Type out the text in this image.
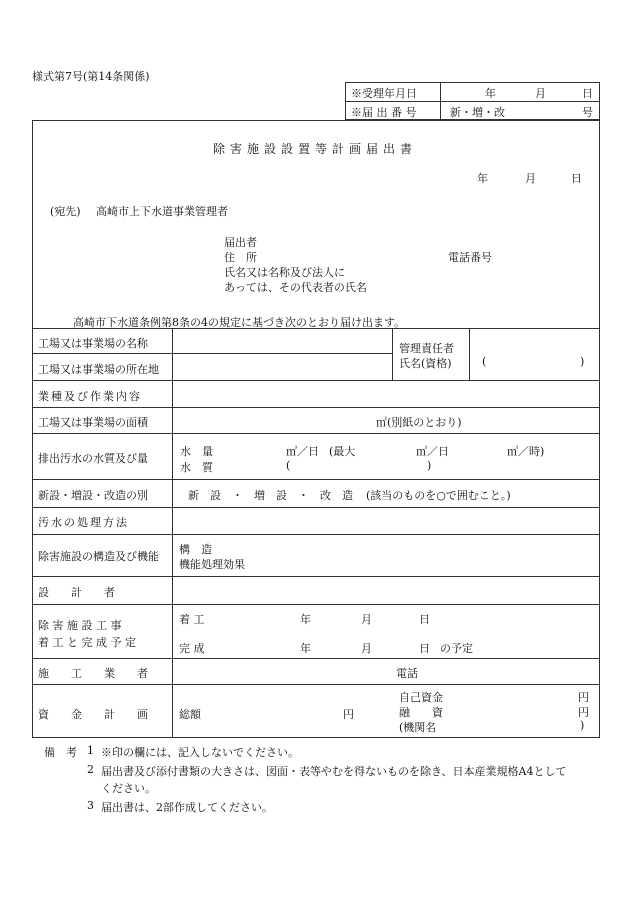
様式第7号(第14条関係)
※受理年月日	年	月	日
※届 出 番 号	新・増・改	号
除害施設設置等計画届出書
年	月	日
(宛先) 高崎市上下水道事業管理者
届出者
住　所	電話番号
氏名又は名称及び法人に
あっては、その代表者の氏名
高崎市下水道条例第8条の4の規定に基づき次のとおり届け出ます。
工場又は事業場の名称
工場又は事業場の所在地
管理責任者
氏名(資格)	(	)
業種及び作業内容
工場又は事業場の面積	㎡(別紙のとおり)
排出汚水の水質及び量
水　量	㎥／日 (最大	㎥／日	㎥／時)
水　質	(	)
新設・増設・改造の別	新　設　・　増　設　・　改　造 (該当のものを○で囲むこと。)
汚水の処理方法
除害施設の構造及び機能
構　造
機能処理効果
設　　計　　者
除 害 施 設 工 事
着 工 と 完 成 予 定
着 工	年	月	日
完 成	年	月	日 の予定
施　　工　　業　　者	電話
資　　金　　計　　画	総額	円
自己資金	円
融　　資	円
(機関名	)
備　考 1 ※印の欄には、記入しないでください。
2 届出書及び添付書類の大きさは、図面・表等やむを得ないものを除き、日本産業規格A4として
ください。
3 届出書は、2部作成してください。
